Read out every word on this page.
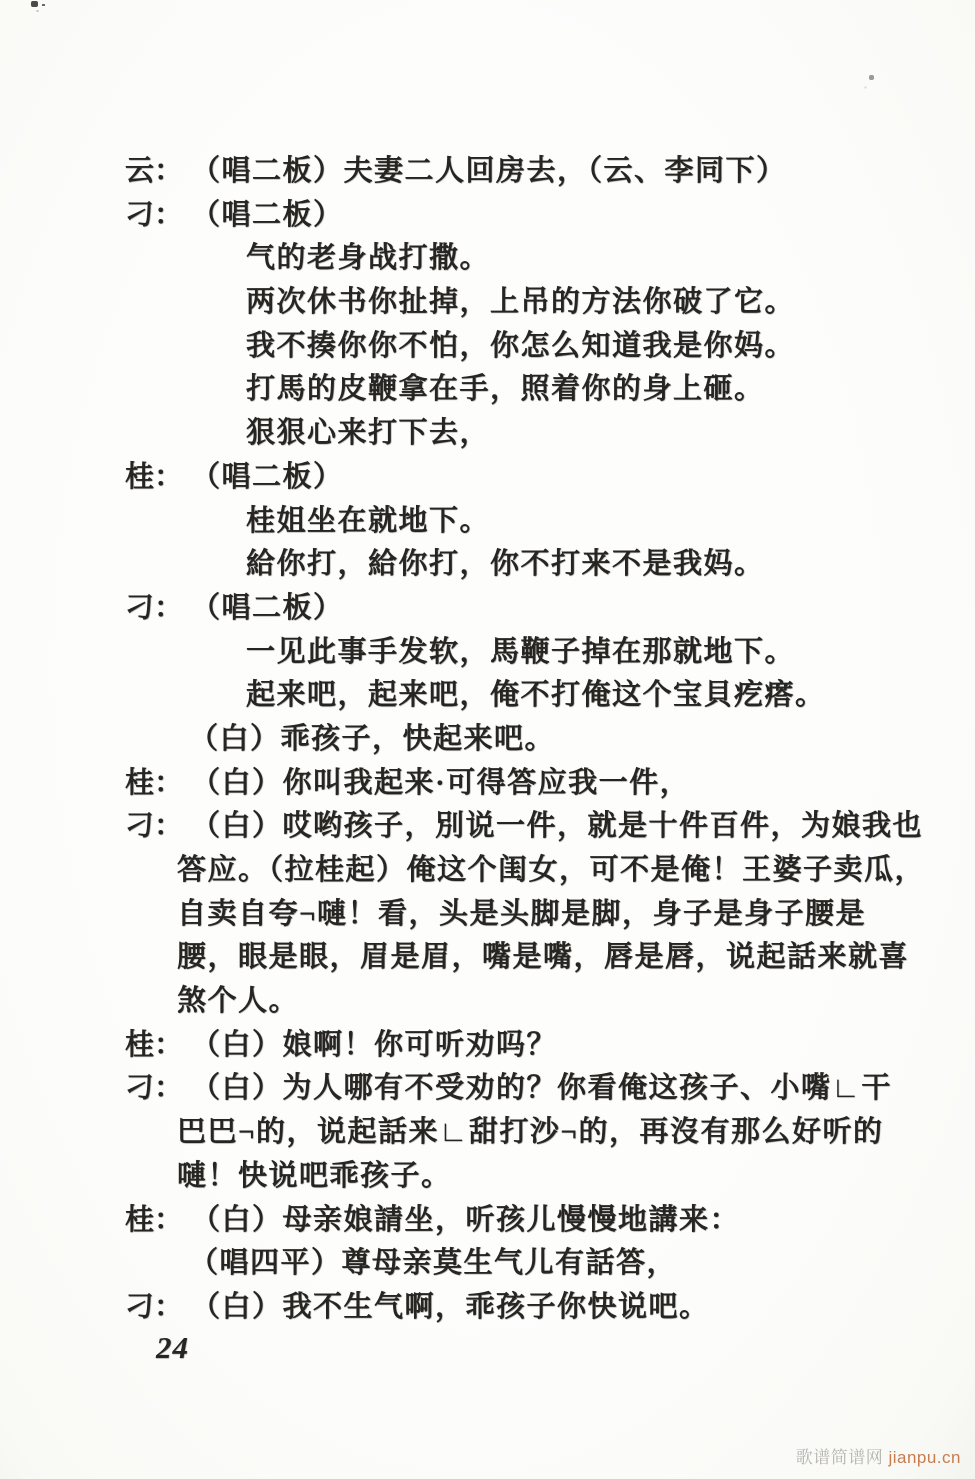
云： （唱二板）夫妻二人回房去，（云、李同下）
刁： （唱二板）
气的老身战打撒。
两次休书你扯掉，上吊的方法你破了它。
我不揍你你不怕，你怎么知道我是你妈。
打馬的皮鞭拿在手，照着你的身上砸。
狠狠心来打下去，
桂： （唱二板）
桂姐坐在就地下。
給你打，給你打，你不打来不是我妈。
刁： （唱二板）
一见此事手发软，馬鞭子掉在那就地下。
起来吧，起来吧，俺不打俺这个宝貝疙瘩。
（白）乖孩子，快起来吧。
桂： （白）你叫我起来·可得答应我一件，
刁： （白）哎哟孩子，別说一件，就是十件百件，为娘我也
答应。（拉桂起）俺这个闺女，可不是俺！王婆子卖瓜，
自卖自夸¬嗹！看，头是头脚是脚，身子是身子腰是
腰，眼是眼，眉是眉，嘴是嘴，唇是唇，说起話来就喜
煞个人。
桂： （白）娘啊！你可听劝吗？
刁： （白）为人哪有不受劝的？你看俺这孩子、小嘴∟干
巴巴¬的，说起話来∟甜打沙¬的，再沒有那么好听的
嗹！快说吧乖孩子。
桂： （白）母亲娘請坐，听孩儿慢慢地講来：
（唱四平）尊母亲莫生气儿有話答，
刁： （白）我不生气啊，乖孩子你快说吧。
24
歌谱简谱网 jianpu.cn
